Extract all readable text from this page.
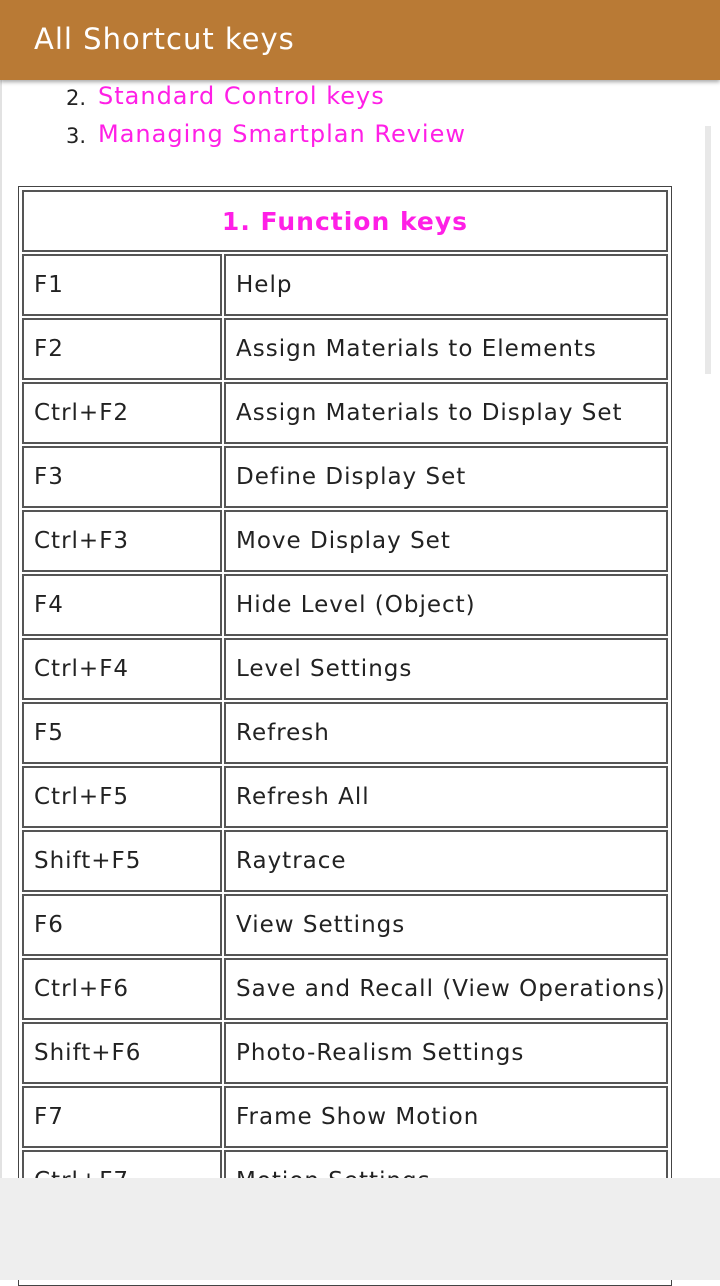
All Shortcut keys
2. Standard Control keys
3. Managing Smartplan Review
1. Function keys
F1	Help
F2	Assign Materials to Elements
Ctrl+F2	Assign Materials to Display Set
F3	Define Display Set
Ctrl+F3	Move Display Set
F4	Hide Level (Object)
Ctrl+F4	Level Settings
F5	Refresh
Ctrl+F5	Refresh All
Shift+F5	Raytrace
F6	View Settings
Ctrl+F6	Save and Recall (View Operations)
Shift+F6	Photo-Realism Settings
F7	Frame Show Motion
